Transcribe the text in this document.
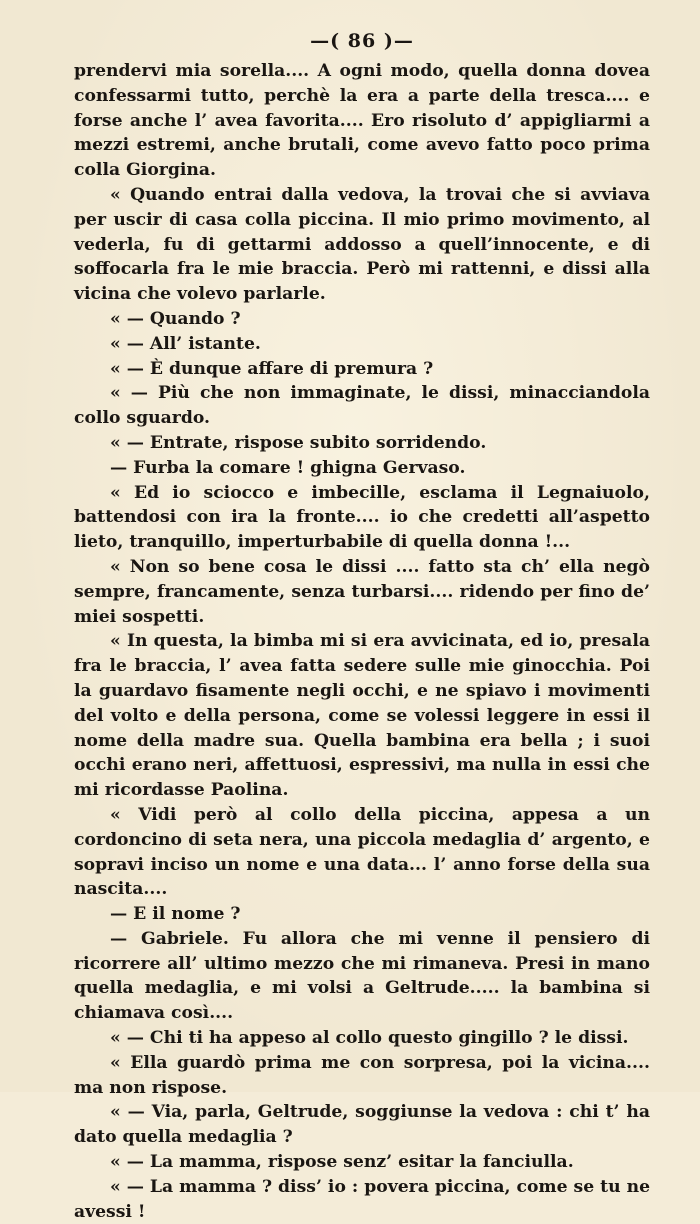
—( 86 )—

prendervi mia sorella.... A ogni modo, quella donna dovea confessarmi tutto, perchè la era a parte della tresca.... e forse anche l’ avea favorita.... Ero risoluto d’ appigliarmi a mezzi estremi, anche brutali, come avevo fatto poco prima colla Giorgina.

« Quando entrai dalla vedova, la trovai che si avviava per uscir di casa colla piccina. Il mio primo movimento, al vederla, fu di gettarmi addosso a quell’innocente, e di soffocarla fra le mie braccia. Però mi rattenni, e dissi alla vicina che volevo parlarle.

« — Quando ?

« — All’ istante.

« — È dunque affare di premura ?

« — Più che non immaginate, le dissi, minacciandola collo sguardo.

« — Entrate, rispose subito sorridendo.

— Furba la comare ! ghigna Gervaso.

« Ed io sciocco e imbecille, esclama il Legnaiuolo, battendosi con ira la fronte.... io che credetti all’aspetto lieto, tranquillo, imperturbabile di quella donna !...

« Non so bene cosa le dissi .... fatto sta ch’ ella negò sempre, francamente, senza turbarsi.... ridendo per fino de’ miei sospetti.

« In questa, la bimba mi si era avvicinata, ed io, presala fra le braccia, l’ avea fatta sedere sulle mie ginocchia. Poi la guardavo fisamente negli occhi, e ne spiavo i movimenti del volto e della persona, come se volessi leggere in essi il nome della madre sua. Quella bambina era bella ; i suoi occhi erano neri, affettuosi, espressivi, ma nulla in essi che mi ricordasse Paolina.

« Vidi però al collo della piccina, appesa a un cordoncino di seta nera, una piccola medaglia d’ argento, e sopravi inciso un nome e una data... l’ anno forse della sua nascita....

— E il nome ?

— Gabriele. Fu allora che mi venne il pensiero di ricorrere all’ ultimo mezzo che mi rimaneva. Presi in mano quella medaglia, e mi volsi a Geltrude..... la bambina si chiamava così....

« — Chi ti ha appeso al collo questo gingillo ? le dissi.

« Ella guardò prima me con sorpresa, poi la vicina.... ma non rispose.

« — Via, parla, Geltrude, soggiunse la vedova : chi t’ ha dato quella medaglia ?

« — La mamma, rispose senz’ esitar la fanciulla.

« — La mamma ? diss’ io : povera piccina, come se tu ne avessi !
